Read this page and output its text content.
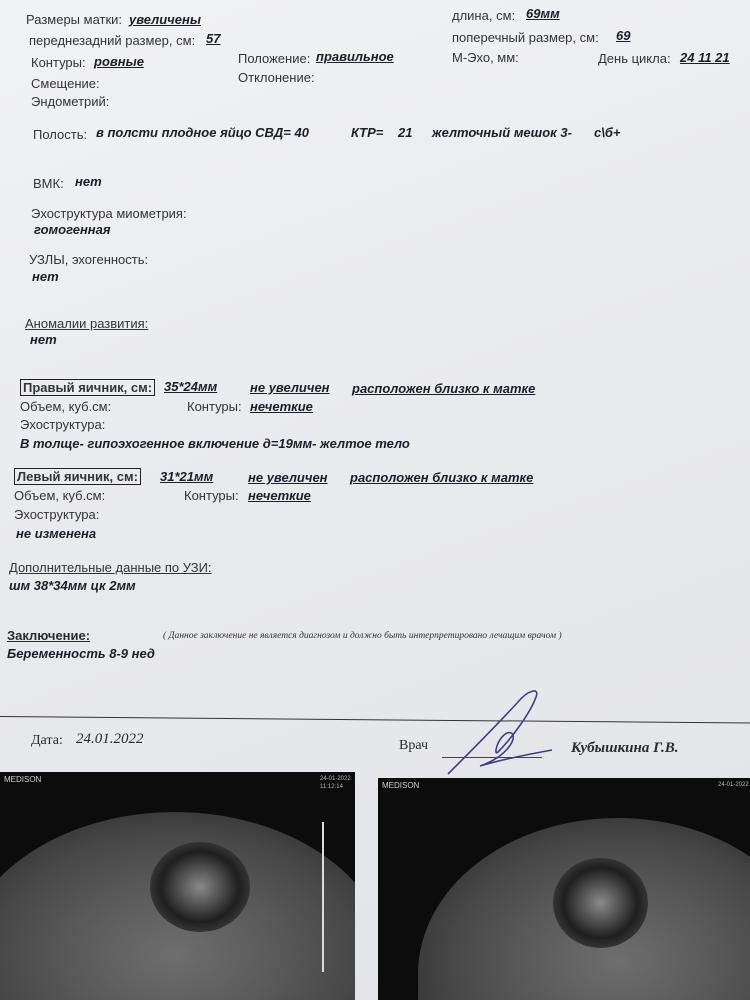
Размеры матки: увеличены
переднезадний размер, см: 57
Контуры: ровные
Смещение:
Эндометрий:
длина, см: 69мм
поперечный размер, см: 69
М-Эхо, мм:	День цикла: 24 11 21
Положение: правильное
Отклонение:
Полость: в полсти плодное яйцо СВД= 40	КТР= 21 желточный мешок 3- с\б+
ВМК: нет
Эхоструктура миометрия:
гомогенная
УЗЛЫ, эхогенность:
нет
Аномалии развития:
нет
Правый яичник, см: 35*24мм	не увеличен расположен близко к матке
Объем, куб.см:	Контуры: нечеткие
Эхоструктура:
В толще- гипоэхогенное включение д=19мм- желтое тело
Левый яичник, см: 31*21мм	не увеличен расположен близко к матке
Объем, куб.см:	Контуры: нечеткие
Эхоструктура:
не изменена
Дополнительные данные по УЗИ:
шм 38*34мм цк 2мм
Заключение:	( Данное заключение не является диагнозом и должно быть интерпретировано лечащим врачом )
Беременность 8-9 нед
Дата: 24.01.2022	Врач	Кубышкина Г.В.
MEDISON	24-01-2022
11:12:14	MEDISON	24-01-2022
